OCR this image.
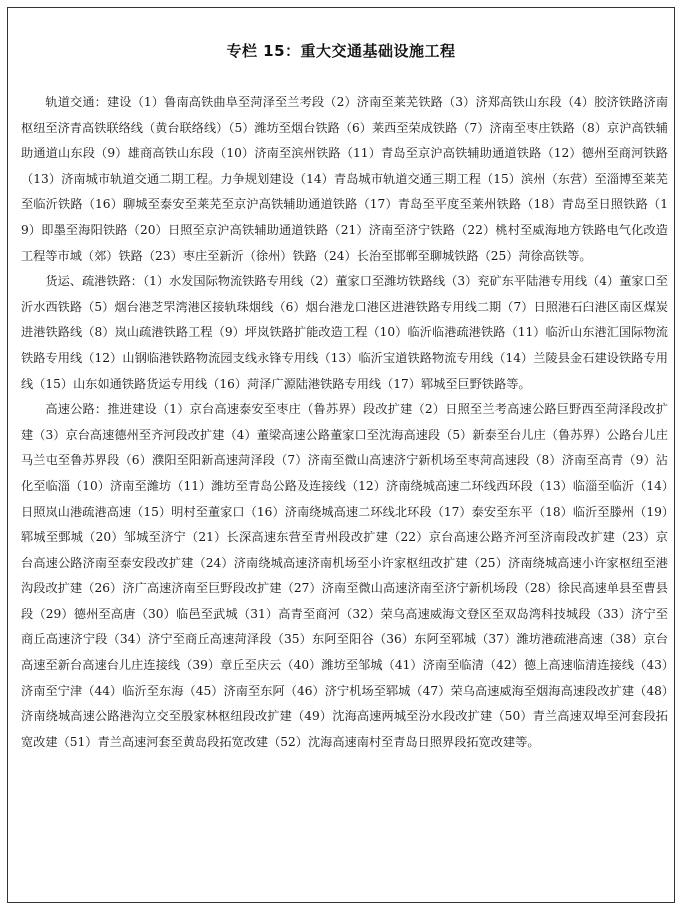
专栏 15：重大交通基础设施工程

轨道交通：建设（1）鲁南高铁曲阜至菏泽至兰考段（2）济南至莱芜铁路（3）济郑高铁山东段（4）胶济铁路济南枢纽至济青高铁联络线（黄台联络线）（5）潍坊至烟台铁路（6）莱西至荣成铁路（7）济南至枣庄铁路（8）京沪高铁辅助通道山东段（9）雄商高铁山东段（10）济南至滨州铁路（11）青岛至京沪高铁辅助通道铁路（12）德州至商河铁路（13）济南城市轨道交通二期工程。力争规划建设（14）青岛城市轨道交通三期工程（15）滨州（东营）至淄博至莱芜至临沂铁路（16）聊城至泰安至莱芜至京沪高铁辅助通道铁路（17）青岛至平度至莱州铁路（18）青岛至日照铁路（19）即墨至海阳铁路（20）日照至京沪高铁辅助通道铁路（21）济南至济宁铁路（22）桃村至威海地方铁路电气化改造工程等市域（郊）铁路（23）枣庄至新沂（徐州）铁路（24）长治至邯郸至聊城铁路（25）菏徐高铁等。

货运、疏港铁路：（1）水发国际物流铁路专用线（2）董家口至潍坊铁路线（3）兖矿东平陆港专用线（4）董家口至沂水西铁路（5）烟台港芝罘湾港区接轨珠烟线（6）烟台港龙口港区进港铁路专用线二期（7）日照港石臼港区南区煤炭进港铁路线（8）岚山疏港铁路工程（9）坪岚铁路扩能改造工程（10）临沂临港疏港铁路（11）临沂山东港汇国际物流铁路专用线（12）山钢临港铁路物流园支线永锋专用线（13）临沂宝道铁路物流专用线（14）兰陵县金石建设铁路专用线（15）山东如通铁路货运专用线（16）菏泽广源陆港铁路专用线（17）郓城至巨野铁路等。

高速公路：推进建设（1）京台高速泰安至枣庄（鲁苏界）段改扩建（2）日照至兰考高速公路巨野西至菏泽段改扩建（3）京台高速德州至齐河段改扩建（4）董梁高速公路董家口至沈海高速段（5）新泰至台儿庄（鲁苏界）公路台儿庄马兰屯至鲁苏界段（6）濮阳至阳新高速菏泽段（7）济南至微山高速济宁新机场至枣菏高速段（8）济南至高青（9）沾化至临淄（10）济南至潍坊（11）潍坊至青岛公路及连接线（12）济南绕城高速二环线西环段（13）临淄至临沂（14）日照岚山港疏港高速（15）明村至董家口（16）济南绕城高速二环线北环段（17）泰安至东平（18）临沂至滕州（19）郓城至鄄城（20）邹城至济宁（21）长深高速东营至青州段改扩建（22）京台高速公路齐河至济南段改扩建（23）京台高速公路济南至泰安段改扩建（24）济南绕城高速济南机场至小许家枢纽改扩建（25）济南绕城高速小许家枢纽至港沟段改扩建（26）济广高速济南至巨野段改扩建（27）济南至微山高速济南至济宁新机场段（28）徐民高速单县至曹县段（29）德州至高唐（30）临邑至武城（31）高青至商河（32）荣乌高速威海文登区至双岛湾科技城段（33）济宁至商丘高速济宁段（34）济宁至商丘高速菏泽段（35）东阿至阳谷（36）东阿至郓城（37）潍坊港疏港高速（38）京台高速至新台高速台儿庄连接线（39）章丘至庆云（40）潍坊至邹城（41）济南至临清（42）德上高速临清连接线（43）济南至宁津（44）临沂至东海（45）济南至东阿（46）济宁机场至郓城（47）荣乌高速威海至烟海高速段改扩建（48）济南绕城高速公路港沟立交至殷家林枢纽段改扩建（49）沈海高速两城至汾水段改扩建（50）青兰高速双埠至河套段拓宽改建（51）青兰高速河套至黄岛段拓宽改建（52）沈海高速南村至青岛日照界段拓宽改建等。
